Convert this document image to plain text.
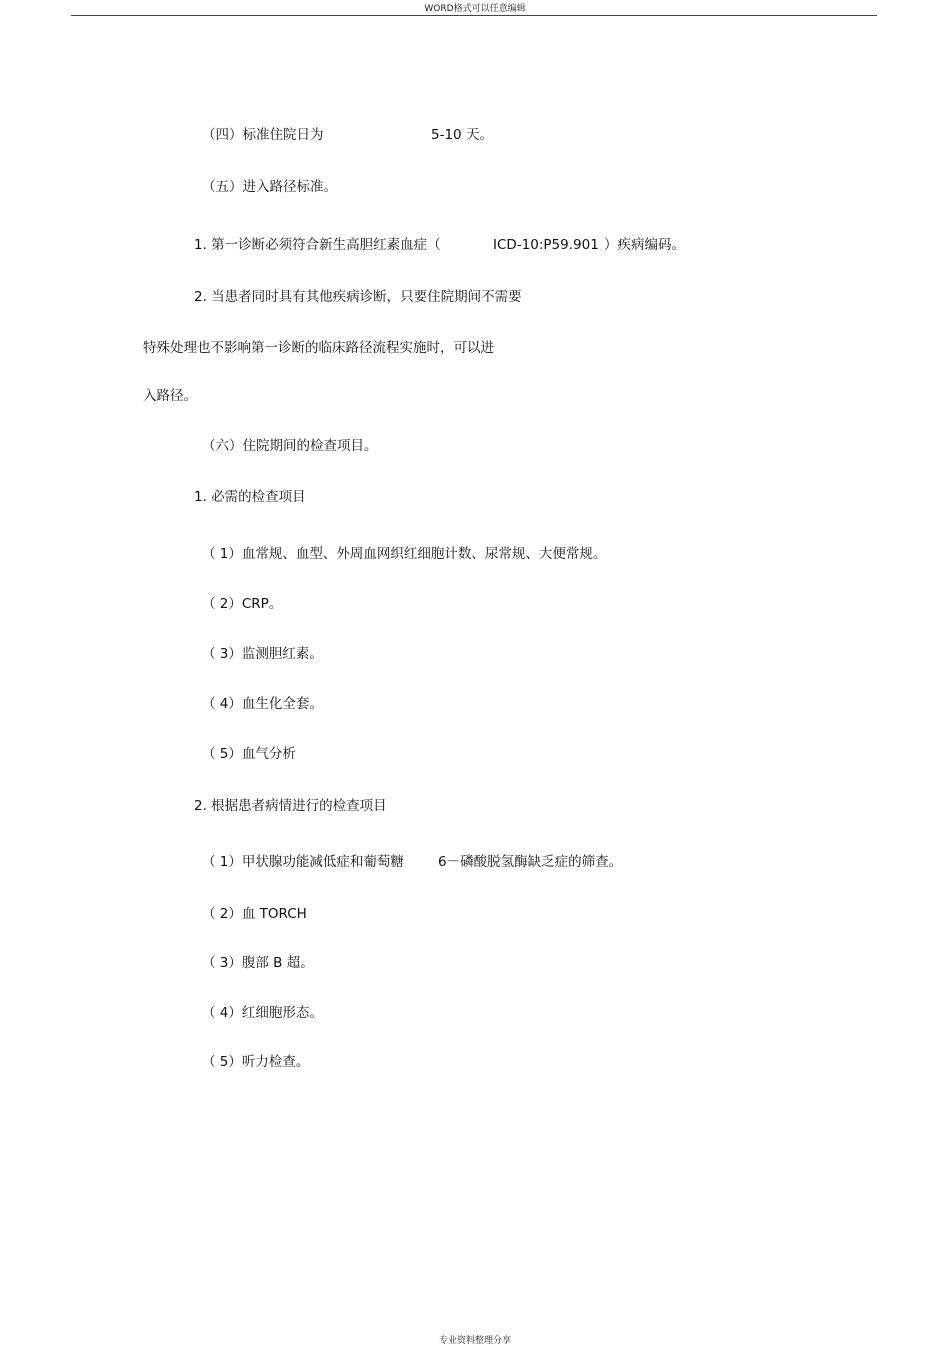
WORD格式可以任意编辑
（四）标准住院日为	5-10 天。
（五）进入路径标准。
1. 第一诊断必须符合新生高胆红素血症（	ICD-10:P59.901 ）疾病编码。
2. 当患者同时具有其他疾病诊断，只要住院期间不需要
特殊处理也不影响第一诊断的临床路径流程实施时，可以进
入路径。
（六）住院期间的检查项目。
1. 必需的检查项目
（ 1）血常规、血型、外周血网织红细胞计数、尿常规、大便常规。
（ 2）CRP。
（ 3）监测胆红素。
（ 4）血生化全套。
（ 5）血气分析
2. 根据患者病情进行的检查项目
（ 1）甲状腺功能减低症和葡萄糖	6－磷酸脱氢酶缺乏症的筛查。
（ 2）血 TORCH
（ 3）腹部 B 超。
（ 4）红细胞形态。
（ 5）听力检查。
专业资料整理分享
